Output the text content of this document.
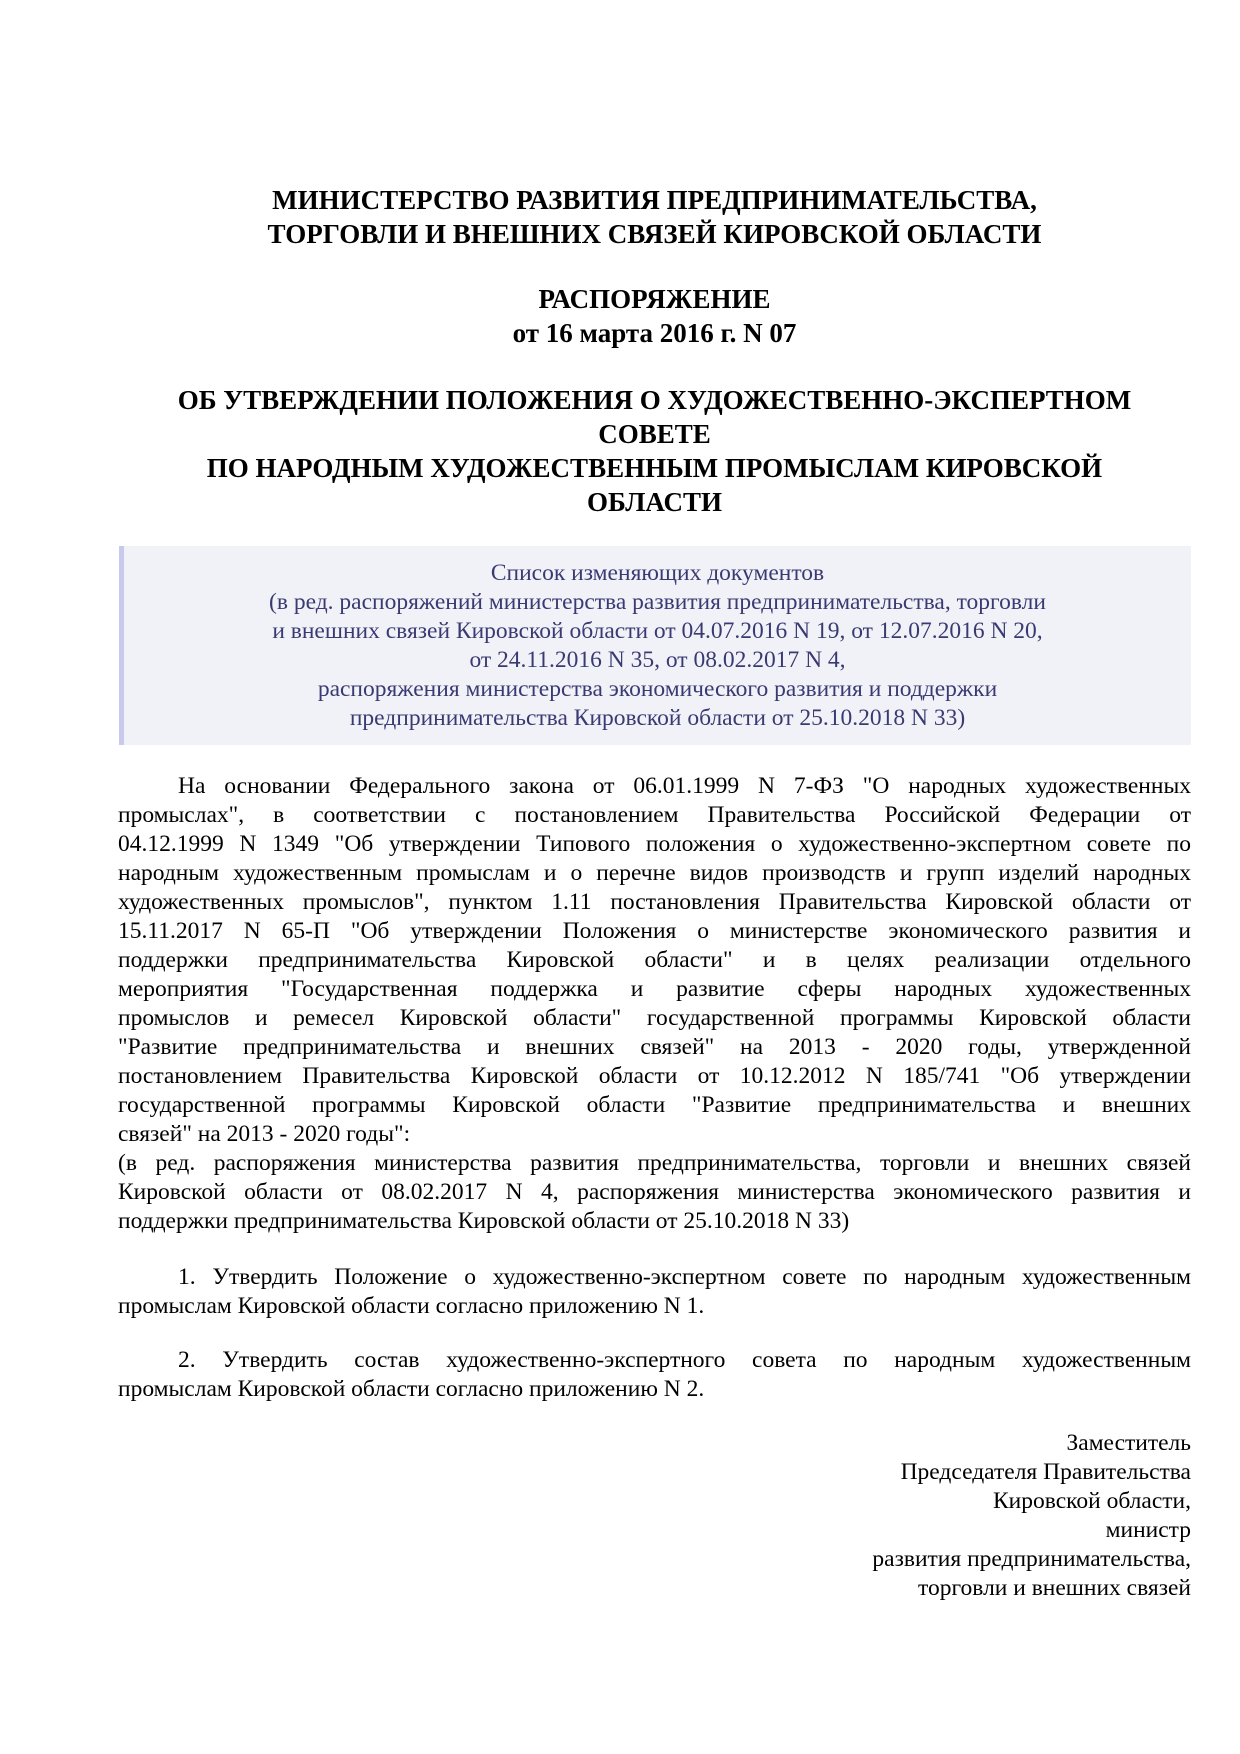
МИНИСТЕРСТВО РАЗВИТИЯ ПРЕДПРИНИМАТЕЛЬСТВА,
ТОРГОВЛИ И ВНЕШНИХ СВЯЗЕЙ КИРОВСКОЙ ОБЛАСТИ
РАСПОРЯЖЕНИЕ
от 16 марта 2016 г. N 07
ОБ УТВЕРЖДЕНИИ ПОЛОЖЕНИЯ О ХУДОЖЕСТВЕННО-ЭКСПЕРТНОМ
СОВЕТЕ
ПО НАРОДНЫМ ХУДОЖЕСТВЕННЫМ ПРОМЫСЛАМ КИРОВСКОЙ
ОБЛАСТИ
Список изменяющих документов
(в ред. распоряжений министерства развития предпринимательства, торговли
и внешних связей Кировской области от 04.07.2016 N 19, от 12.07.2016 N 20,
от 24.11.2016 N 35, от 08.02.2017 N 4,
распоряжения министерства экономического развития и поддержки
предпринимательства Кировской области от 25.10.2018 N 33)
На основании Федерального закона от 06.01.1999 N 7-ФЗ "О народных художественных
промыслах", в соответствии с постановлением Правительства Российской Федерации от
04.12.1999 N 1349 "Об утверждении Типового положения о художественно-экспертном совете по
народным художественным промыслам и о перечне видов производств и групп изделий народных
художественных промыслов", пунктом 1.11 постановления Правительства Кировской области от
15.11.2017 N 65-П "Об утверждении Положения о министерстве экономического развития и
поддержки предпринимательства Кировской области" и в целях реализации отдельного
мероприятия "Государственная поддержка и развитие сферы народных художественных
промыслов и ремесел Кировской области" государственной программы Кировской области
"Развитие предпринимательства и внешних связей" на 2013 - 2020 годы, утвержденной
постановлением Правительства Кировской области от 10.12.2012 N 185/741 "Об утверждении
государственной программы Кировской области "Развитие предпринимательства и внешних
связей" на 2013 - 2020 годы":
(в ред. распоряжения министерства развития предпринимательства, торговли и внешних связей
Кировской области от 08.02.2017 N 4, распоряжения министерства экономического развития и
поддержки предпринимательства Кировской области от 25.10.2018 N 33)
1. Утвердить Положение о художественно-экспертном совете по народным художественным
промыслам Кировской области согласно приложению N 1.
2. Утвердить состав художественно-экспертного совета по народным художественным
промыслам Кировской области согласно приложению N 2.
Заместитель
Председателя Правительства
Кировской области,
министр
развития предпринимательства,
торговли и внешних связей
